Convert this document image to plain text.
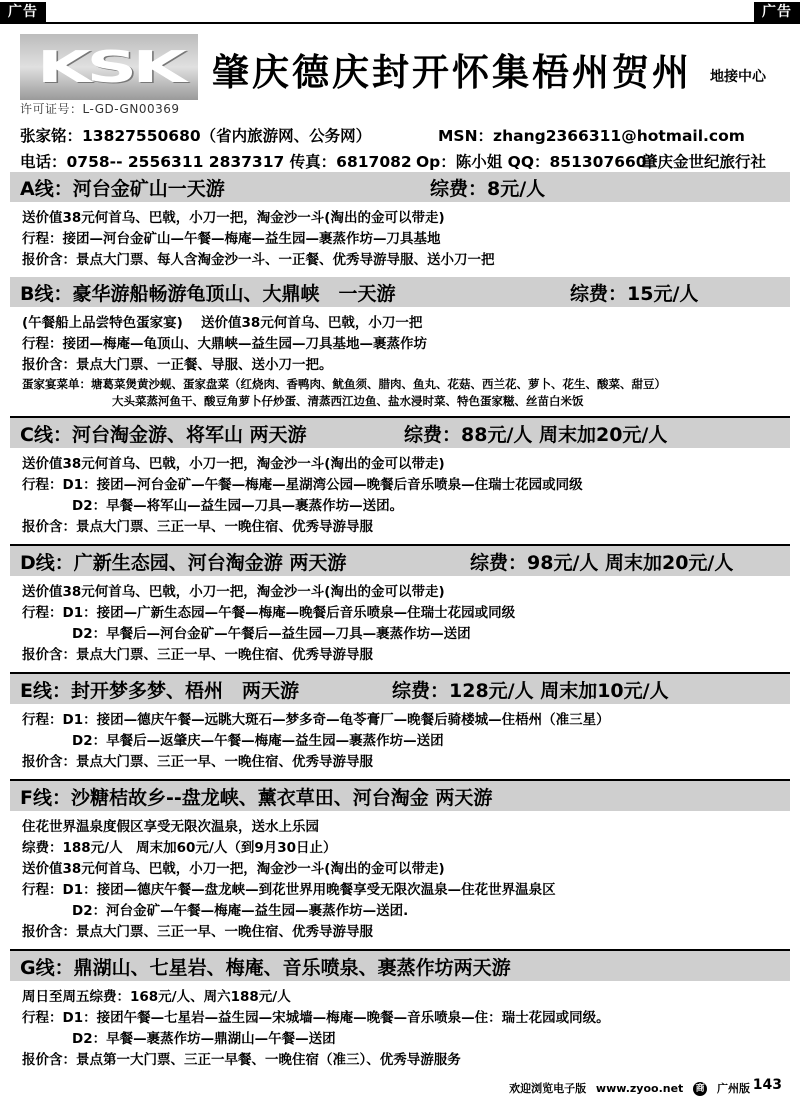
广告	广告
KSK
许可证号：L-GD-GN00369
肇庆德庆封开怀集梧州贺州 地接中心
张家铭：13827550680（省内旅游网、公务网）	MSN：zhang2366311@hotmail.com
电话：0758-- 2556311 2837317 传真：6817082 Op：陈小姐 QQ：851307660
肇庆金世纪旅行社
A线：河台金矿山一天游	综费：8元/人
送价值38元何首乌、巴戟，小刀一把，淘金沙一斗(淘出的金可以带走)
行程：接团—河台金矿山—午餐—梅庵—益生园—裹蒸作坊—刀具基地
报价含：景点大门票、每人含淘金沙一斗、一正餐、优秀导游导服、送小刀一把
B线：豪华游船畅游龟顶山、大鼎峡　一天游	综费：15元/人
(午餐船上品尝特色蛋家宴)　 送价值38元何首乌、巴戟，小刀一把
行程：接团—梅庵—龟顶山、大鼎峡—益生园—刀具基地—裹蒸作坊
报价含：景点大门票、一正餐、导服、送小刀一把。
蛋家宴菜单：塘葛菜煲黄沙蚬、蛋家盘菜（红烧肉、香鸭肉、鱿鱼须、腊肉、鱼丸、花菇、西兰花、萝卜、花生、酸菜、甜豆）
大头菜蒸河鱼干、酸豆角萝卜仔炒蛋、清蒸西江边鱼、盐水浸时菜、特色蛋家糍、丝苗白米饭
C线：河台淘金游、将军山 两天游	综费：88元/人 周末加20元/人
送价值38元何首乌、巴戟，小刀一把，淘金沙一斗(淘出的金可以带走)
行程：D1：接团—河台金矿—午餐—梅庵—星湖湾公园—晚餐后音乐喷泉—住瑞士花园或同级
D2：早餐—将军山—益生园—刀具—裹蒸作坊—送团。
报价含：景点大门票、三正一早、一晚住宿、优秀导游导服
D线：广新生态园、河台淘金游 两天游	综费：98元/人 周末加20元/人
送价值38元何首乌、巴戟，小刀一把，淘金沙一斗(淘出的金可以带走)
行程：D1：接团—广新生态园—午餐—梅庵—晚餐后音乐喷泉—住瑞士花园或同级
D2：早餐后—河台金矿—午餐后—益生园—刀具—裹蒸作坊—送团
报价含：景点大门票、三正一早、一晚住宿、优秀导游导服
E线：封开梦多梦、梧州　两天游	综费：128元/人 周末加10元/人
行程：D1：接团—德庆午餐—远眺大斑石—梦多奇—龟苓膏厂—晚餐后骑楼城—住梧州（准三星）
D2：早餐后—返肇庆—午餐—梅庵—益生园—裹蒸作坊—送团
报价含：景点大门票、三正一早、一晚住宿、优秀导游导服
F线：沙糖桔故乡--盘龙峡、薰衣草田、河台淘金 两天游
住花世界温泉度假区享受无限次温泉，送水上乐园
综费：188元/人　周末加60元/人（到9月30日止）
送价值38元何首乌、巴戟，小刀一把，淘金沙一斗(淘出的金可以带走)
行程：D1：接团—德庆午餐—盘龙峡—到花世界用晚餐享受无限次温泉—住花世界温泉区
D2：河台金矿—午餐—梅庵—益生园—裹蒸作坊—送团.
报价含：景点大门票、三正一早、一晚住宿、优秀导游导服
G线：鼎湖山、七星岩、梅庵、音乐喷泉、裹蒸作坊两天游
周日至周五综费：168元/人、周六188元/人
行程：D1：接团午餐—七星岩—益生园—宋城墙—梅庵—晚餐—音乐喷泉—住：瑞士花园或同级。
D2：早餐—裹蒸作坊—鼎湖山—午餐—送团
报价含：景点第一大门票、三正一早餐、一晚住宿（准三）、优秀导游服务
欢迎浏览电子版 www.zyoo.net 商 广州版 143
